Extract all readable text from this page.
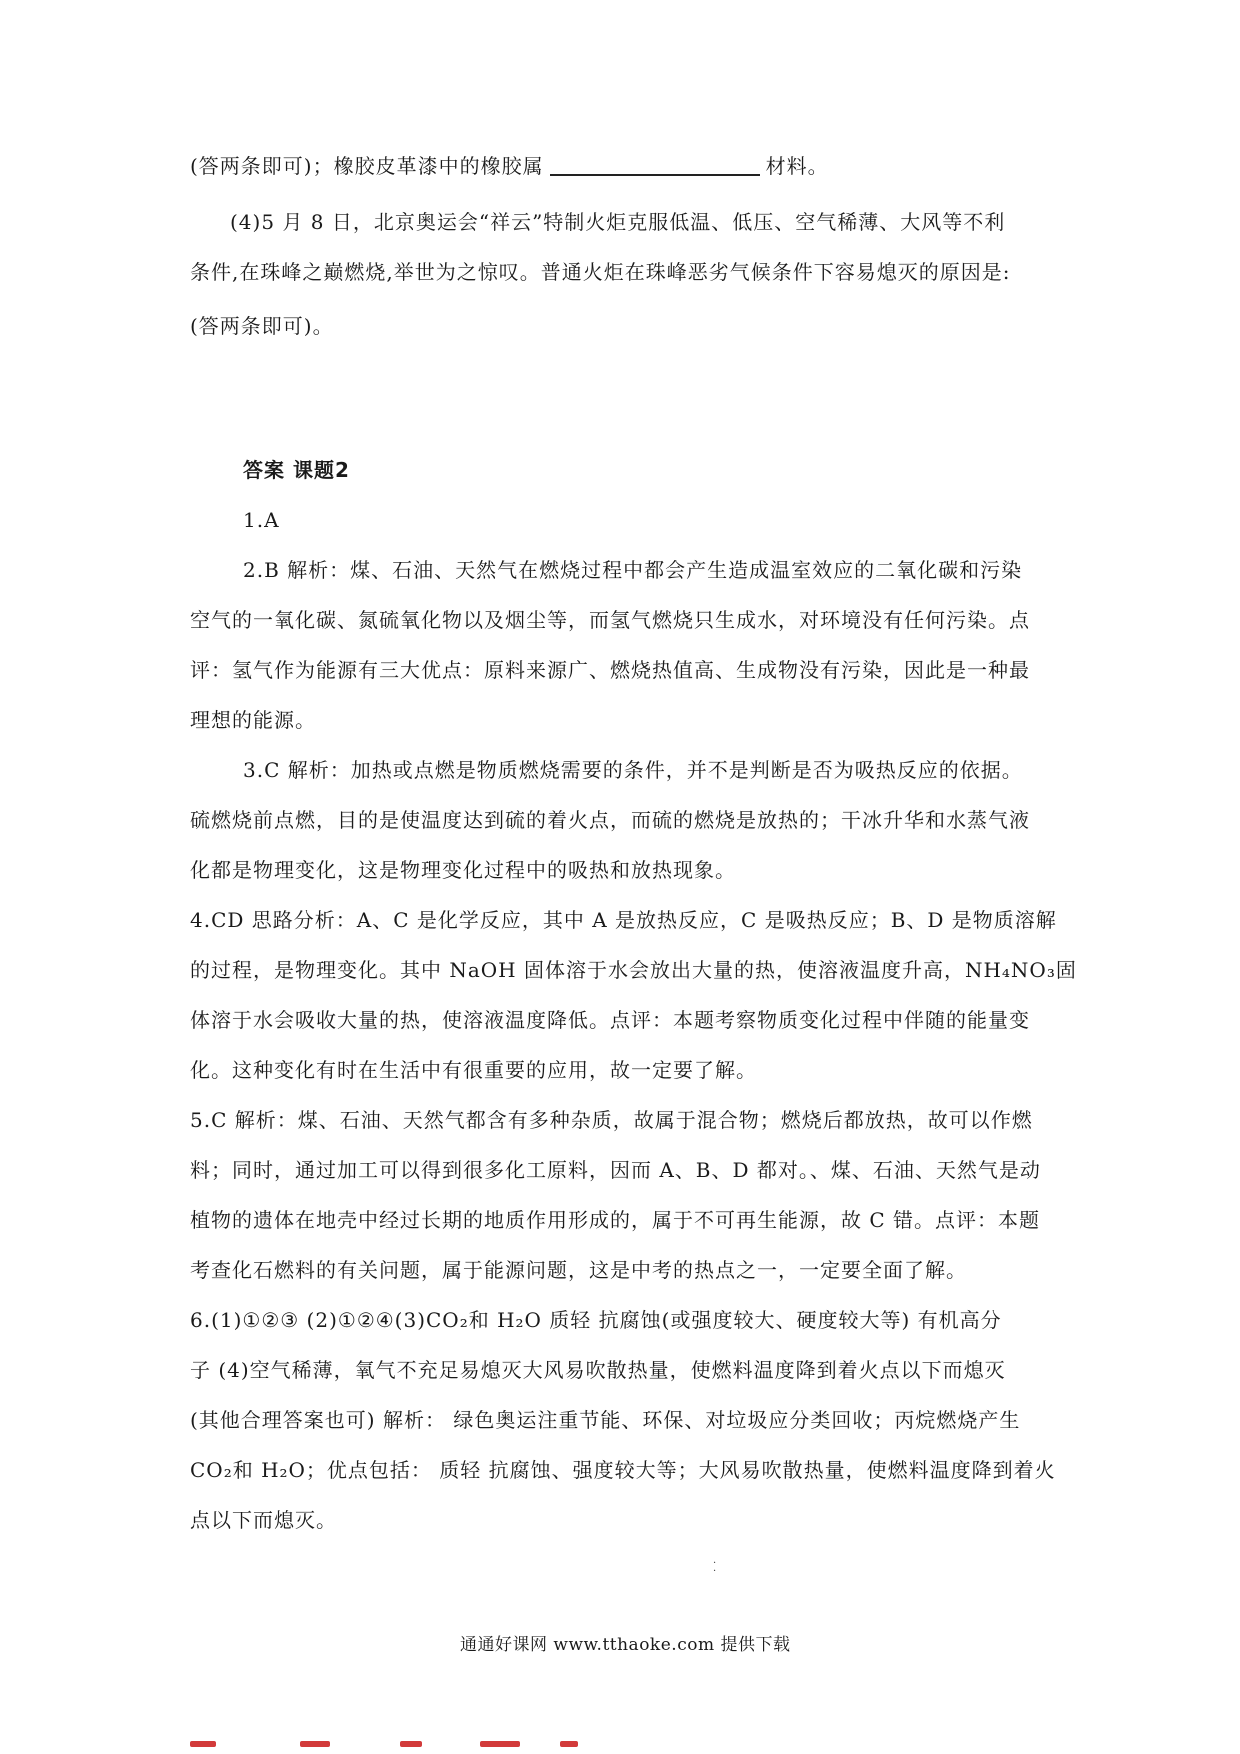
(答两条即可)；橡胶皮革漆中的橡胶属	材料。
(4)5 月 8 日，北京奥运会“祥云”特制火炬克服低温、低压、空气稀薄、大风等不利
条件,在珠峰之巅燃烧,举世为之惊叹。普通火炬在珠峰恶劣气候条件下容易熄灭的原因是:
(答两条即可)。
答案 课题2
1.A
2.B 解析：煤、石油、天然气在燃烧过程中都会产生造成温室效应的二氧化碳和污染
空气的一氧化碳、氮硫氧化物以及烟尘等，而氢气燃烧只生成水，对环境没有任何污染。点
评：氢气作为能源有三大优点：原料来源广、燃烧热值高、生成物没有污染，因此是一种最
理想的能源。
3.C 解析：加热或点燃是物质燃烧需要的条件，并不是判断是否为吸热反应的依据。
硫燃烧前点燃，目的是使温度达到硫的着火点，而硫的燃烧是放热的；干冰升华和水蒸气液
化都是物理变化，这是物理变化过程中的吸热和放热现象。
4.CD 思路分析：A、C 是化学反应，其中 A 是放热反应，C 是吸热反应；B、D 是物质溶解
的过程，是物理变化。其中 NaOH 固体溶于水会放出大量的热，使溶液温度升高，NH₄NO₃固
体溶于水会吸收大量的热，使溶液温度降低。点评：本题考察物质变化过程中伴随的能量变
化。这种变化有时在生活中有很重要的应用，故一定要了解。
5.C 解析：煤、石油、天然气都含有多种杂质，故属于混合物；燃烧后都放热，故可以作燃
料；同时，通过加工可以得到很多化工原料，因而 A、B、D 都对。、煤、石油、天然气是动
植物的遗体在地壳中经过长期的地质作用形成的，属于不可再生能源，故 C 错。点评：本题
考查化石燃料的有关问题，属于能源问题，这是中考的热点之一，一定要全面了解。
6.(1)①②③ (2)①②④(3)CO₂和 H₂O 质轻 抗腐蚀(或强度较大、硬度较大等) 有机高分
子 (4)空气稀薄，氧气不充足易熄灭大风易吹散热量，使燃料温度降到着火点以下而熄灭
(其他合理答案也可) 解析： 绿色奥运注重节能、环保、对垃圾应分类回收；丙烷燃烧产生
CO₂和 H₂O；优点包括： 质轻 抗腐蚀、强度较大等；大风易吹散热量，使燃料温度降到着火
点以下而熄灭。
·
·
通通好课网 www.tthaoke.com 提供下载
